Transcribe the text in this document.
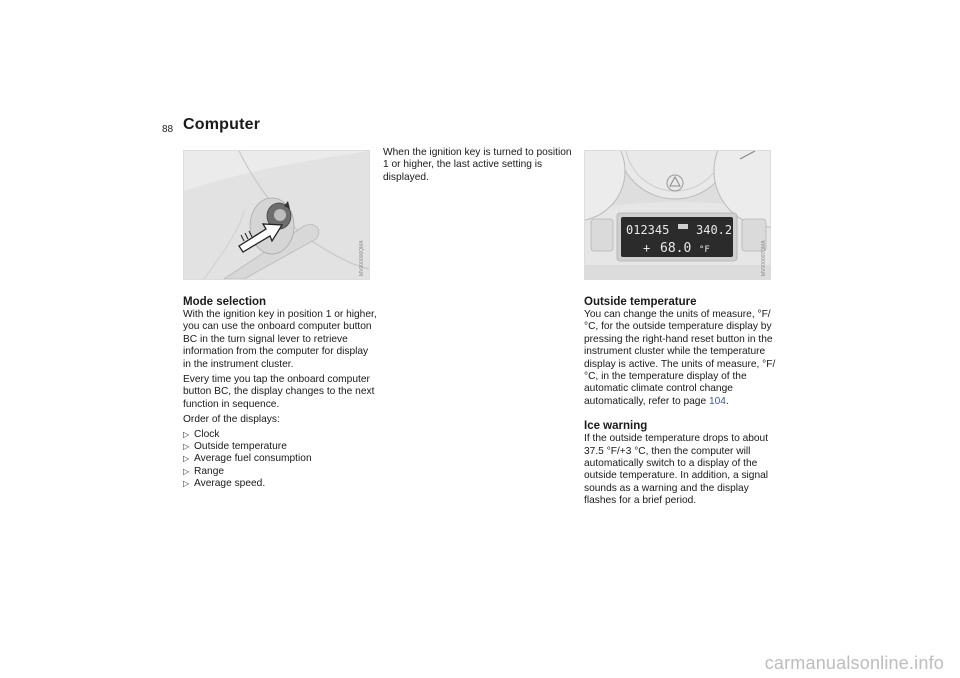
88 Computer
MV000006QMA
Mode selection

With the ignition key in position 1 or higher, you can use the onboard computer button BC in the turn signal lever to retrieve information from the computer for display in the instrument cluster.

Every time you tap the onboard computer button BC, the display changes to the next function in sequence.

Order of the displays:

▷ Clock
▷ Outside temperature
▷ Average fuel consumption
▷ Range
▷ Average speed.

When the ignition key is turned to position 1 or higher, the last active setting is displayed.

012345 340.2
+ 68.0 °F	MV000007QMA
Outside temperature

You can change the units of measure, °F/°C, for the outside temperature display by pressing the right-hand reset button in the instrument cluster while the temperature display is active. The units of measure, °F/°C, in the temperature display of the automatic climate control change automatically, refer to page 104.

Ice warning

If the outside temperature drops to about 37.5 °F/+3 °C, then the computer will automatically switch to a display of the outside temperature. In addition, a signal sounds as a warning and the display flashes for a brief period.

carmanualsonline.info
